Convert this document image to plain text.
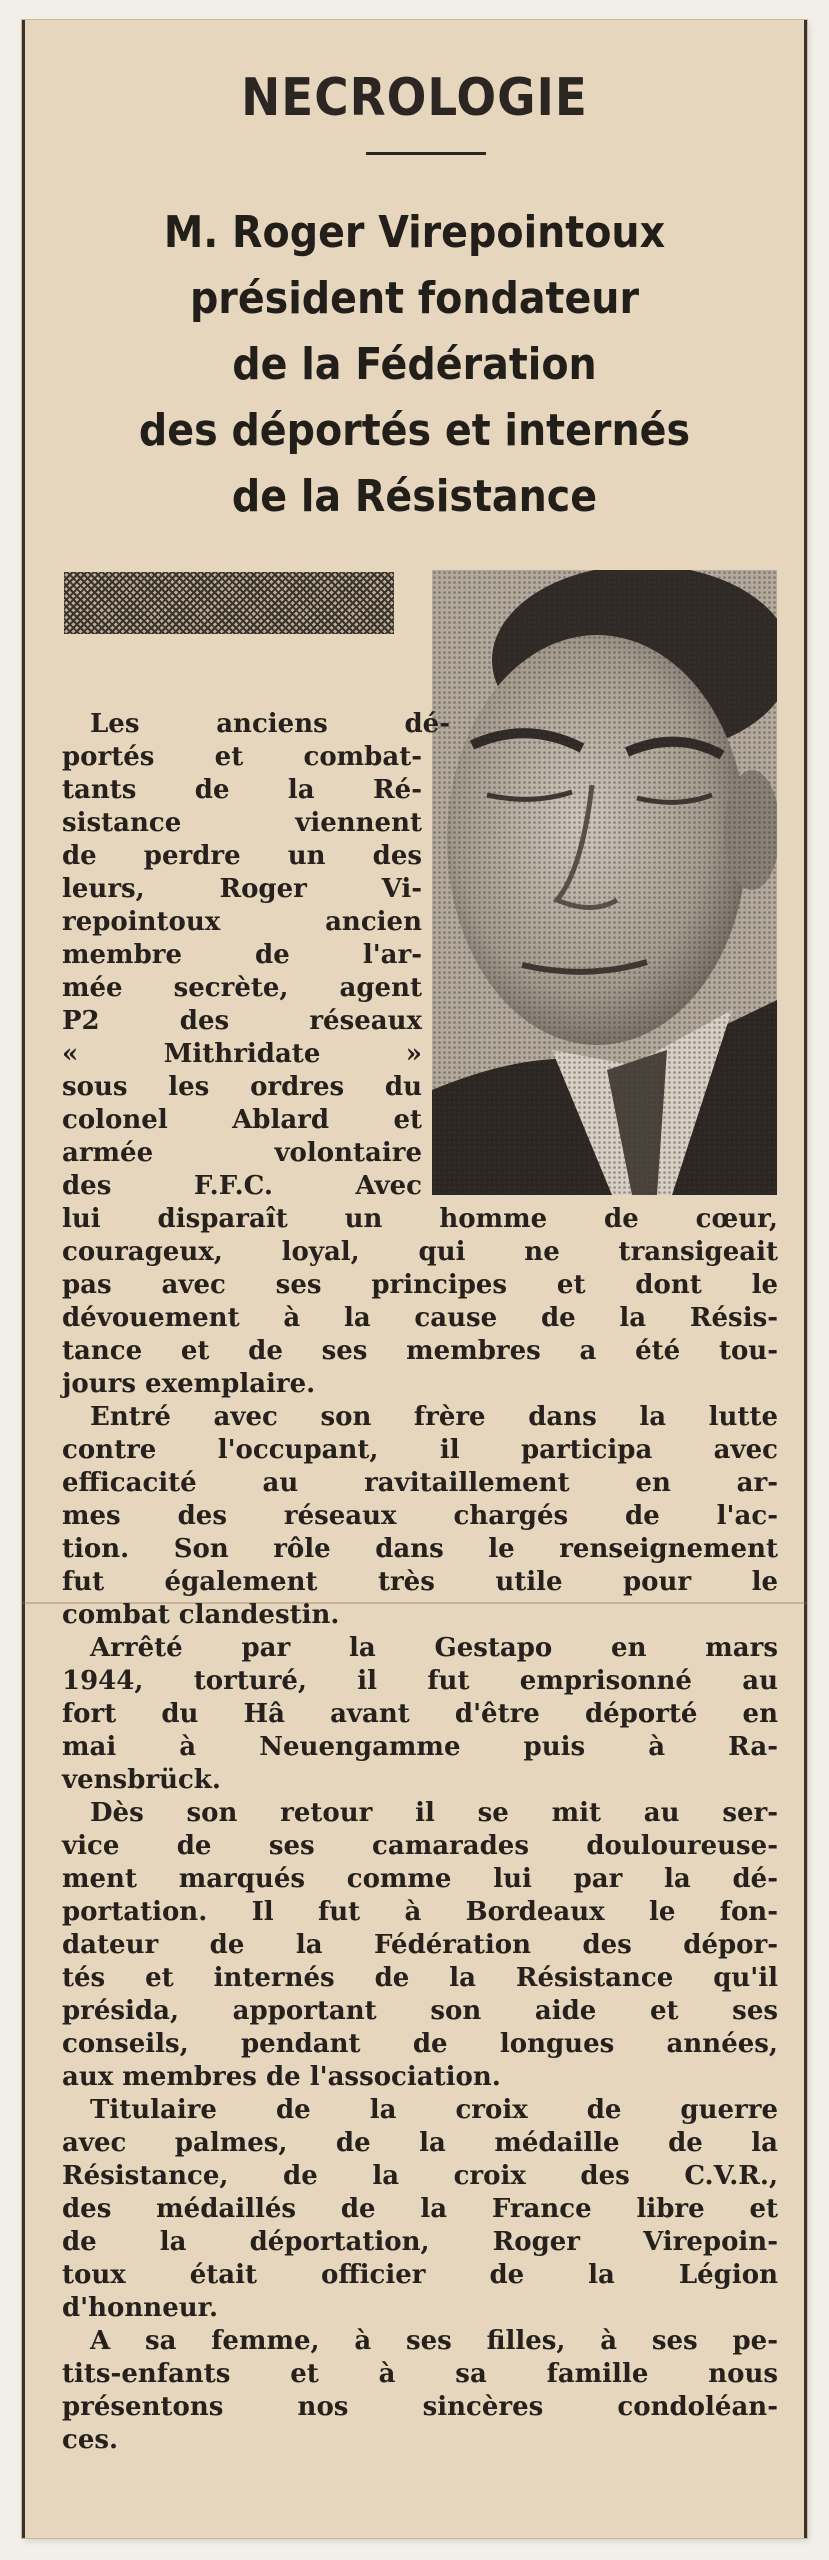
NECROLOGIE
M. Roger Virepointoux
président fondateur
de la Fédération
des déportés et internés
de la Résistance
Les anciens dé-
portés et combat-
tants de la Ré-
sistance viennent
de perdre un des
leurs, Roger Vi-
repointoux ancien
membre de l'ar-
mée secrète, agent
P2 des réseaux
« Mithridate »
sous les ordres du
colonel Ablard et
armée volontaire
des F.F.C. Avec
lui disparaît un homme de cœur,
courageux, loyal, qui ne transigeait
pas avec ses principes et dont le
dévouement à la cause de la Résis-
tance et de ses membres a été tou-
jours exemplaire.
Entré avec son frère dans la lutte
contre l'occupant, il participa avec
efficacité au ravitaillement en ar-
mes des réseaux chargés de l'ac-
tion. Son rôle dans le renseignement
fut également très utile pour le
combat clandestin.
Arrêté par la Gestapo en mars
1944, torturé, il fut emprisonné au
fort du Hâ avant d'être déporté en
mai à Neuengamme puis à Ra-
vensbrück.
Dès son retour il se mit au ser-
vice de ses camarades douloureuse-
ment marqués comme lui par la dé-
portation. Il fut à Bordeaux le fon-
dateur de la Fédération des dépor-
tés et internés de la Résistance qu'il
présida, apportant son aide et ses
conseils, pendant de longues années,
aux membres de l'association.
Titulaire de la croix de guerre
avec palmes, de la médaille de la
Résistance, de la croix des C.V.R.,
des médaillés de la France libre et
de la déportation, Roger Virepoin-
toux était officier de la Légion
d'honneur.
A sa femme, à ses filles, à ses pe-
tits-enfants et à sa famille nous
présentons nos sincères condoléan-
ces.
